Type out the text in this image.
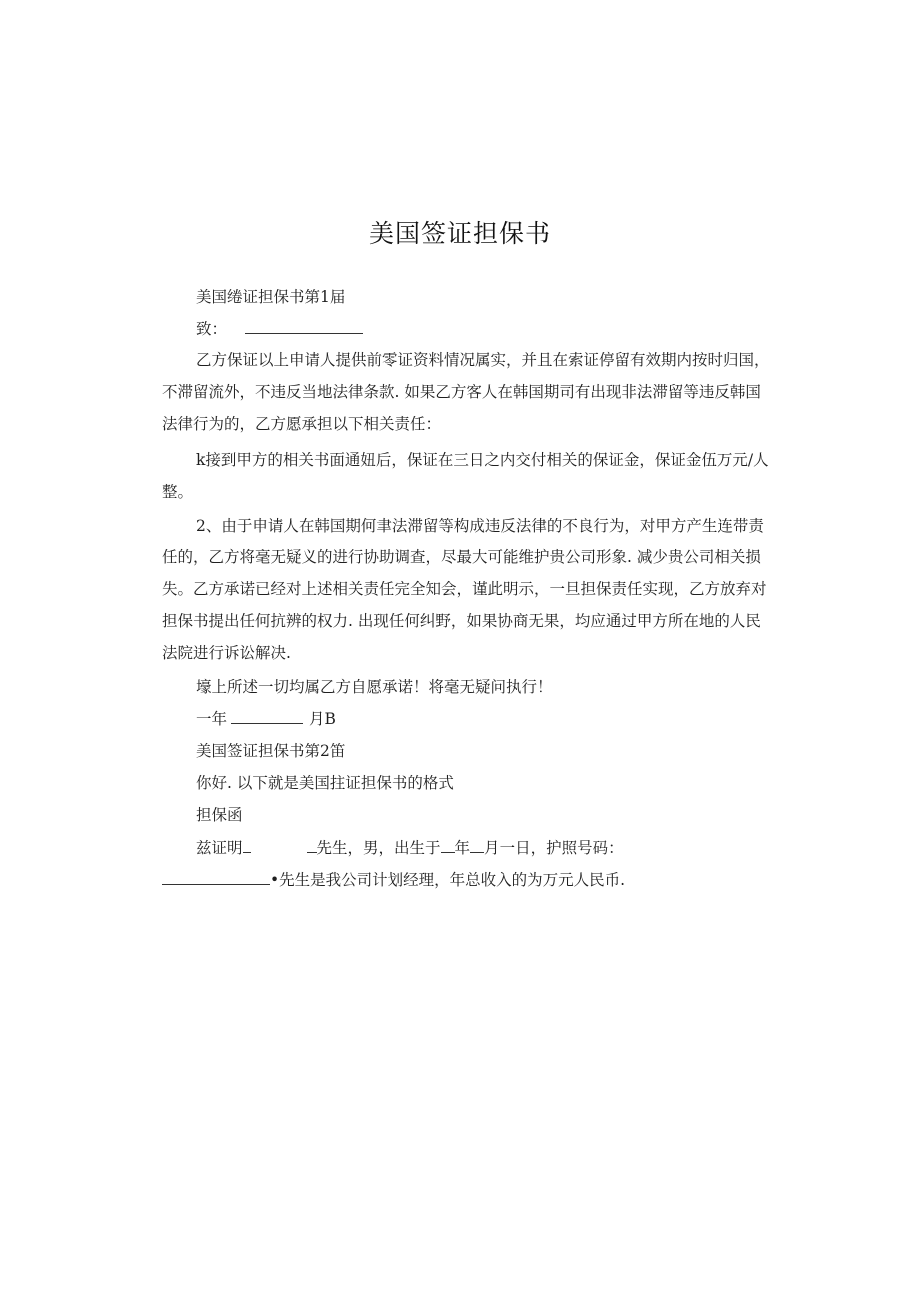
美国签证担保书
美国绻证担保书第1届
致：
乙方保证以上申请人提供前零证资料情况属实，并且在索证停留有效期内按时归国，
不滞留流外，不违反当地法律条款. 如果乙方客人在韩国期司有出现非法滞留等违反韩国
法律行为的，乙方愿承担以下相关责任：
k接到甲方的相关书面通妞后，保证在三日之内交付相关的保证金，保证金伍万元/人
整。
2、由于申请人在韩国期何聿法滞留等构成违反法律的不良行为，对甲方产生连带责
任的，乙方将毫无疑义的进行协助调查，尽最大可能维护贵公司形象. 减少贵公司相关损
失。乙方承诺已经对上述相关责任完全知会，谨此明示，一旦担保责任实现，乙方放弃对
担保书提出任何抗辨的权力. 出现任何纠野，如果协商无果，均应通过甲方所在地的人民
法院进行诉讼解决.
壕上所述一切均属乙方自愿承诺！将毫无疑问执行！
一年	月B
美国签证担保书第2笛
你好. 以下就是美国拄证担保书的格式
担保函
兹证明	先生，男，出生于 年 月一日，护照号码：
•先生是我公司计划经理，年总收入的为万元人民币.
